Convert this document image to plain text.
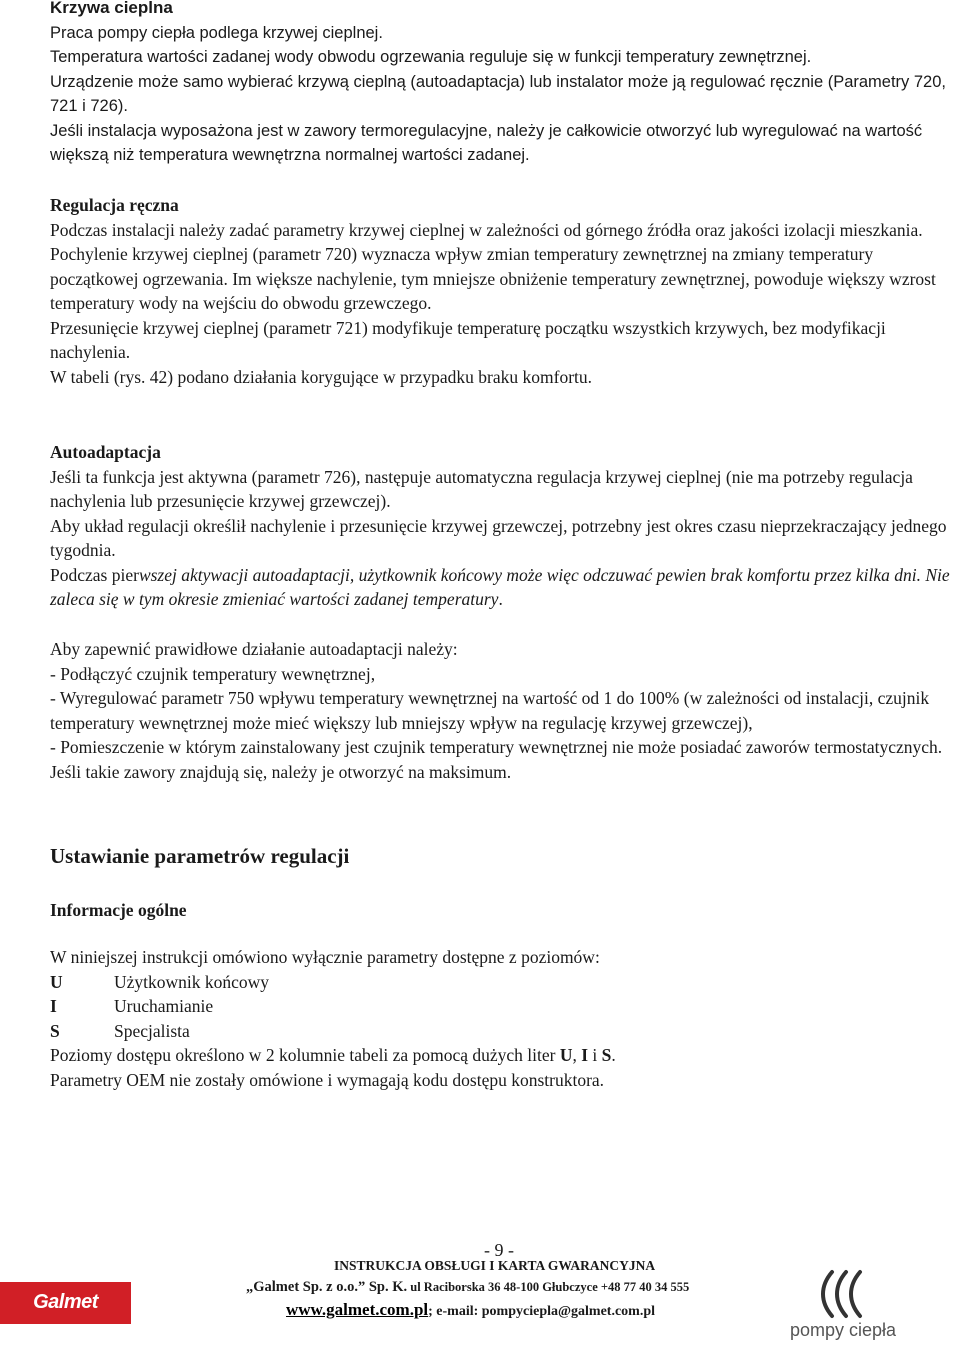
Krzywa cieplna

Praca pompy ciepła podlega krzywej cieplnej.

Temperatura wartości zadanej wody obwodu ogrzewania reguluje się w funkcji temperatury zewnętrznej.

Urządzenie może samo wybierać krzywą cieplną (autoadaptacja) lub instalator może ją regulować ręcznie (Parametry 720, 721 i 726).

Jeśli instalacja wyposażona jest w zawory termoregulacyjne, należy je całkowicie otworzyć lub wyregulować na wartość większą niż temperatura wewnętrzna normalnej wartości zadanej.

Regulacja ręczna

Podczas instalacji należy zadać parametry krzywej cieplnej w zależności od górnego źródła oraz jakości izolacji mieszkania.

Pochylenie krzywej cieplnej (parametr 720) wyznacza wpływ zmian temperatury zewnętrznej na zmiany temperatury początkowej ogrzewania. Im większe nachylenie, tym mniejsze obniżenie temperatury zewnętrznej, powoduje większy wzrost temperatury wody na wejściu do obwodu grzewczego.

Przesunięcie krzywej cieplnej (parametr 721) modyfikuje temperaturę początku wszystkich krzywych, bez modyfikacji nachylenia.

W tabeli (rys. 42) podano działania korygujące w przypadku braku komfortu.

Autoadaptacja

Jeśli ta funkcja jest aktywna (parametr 726), następuje automatyczna regulacja krzywej cieplnej (nie ma potrzeby regulacja nachylenia lub przesunięcie krzywej grzewczej).

Aby układ regulacji określił nachylenie i przesunięcie krzywej grzewczej, potrzebny jest okres czasu nieprzekraczający jednego tygodnia.

Podczas pierwszej aktywacji autoadaptacji, użytkownik końcowy może więc odczuwać pewien brak komfortu przez kilka dni. Nie zaleca się w tym okresie zmieniać wartości zadanej temperatury.

Aby zapewnić prawidłowe działanie autoadaptacji należy:

- Podłączyć czujnik temperatury wewnętrznej,

- Wyregulować parametr 750 wpływu temperatury wewnętrznej na wartość od 1 do 100% (w zależności od instalacji, czujnik temperatury wewnętrznej może mieć większy lub mniejszy wpływ na regulację krzywej grzewczej),

- Pomieszczenie w którym zainstalowany jest czujnik temperatury wewnętrznej nie może posiadać zaworów termostatycznych. Jeśli takie zawory znajdują się, należy je otworzyć na maksimum.

Ustawianie parametrów regulacji

Informacje ogólne

W niniejszej instrukcji omówiono wyłącznie parametry dostępne z poziomów:

U	Użytkownik końcowy
I	Uruchamianie
S	Specjalista

Poziomy dostępu określono w 2 kolumnie tabeli za pomocą dużych liter U, I i S.

Parametry OEM nie zostały omówione i wymagają kodu dostępu konstruktora.

- 9 -
INSTRUKCJA OBSŁUGI I KARTA GWARANCYJNA
„Galmet Sp. z o.o.” Sp. K. ul Raciborska 36 48-100 Głubczyce +48 77 40 34 555
www.galmet.com.pl; e-mail: pompyciepla@galmet.com.pl
Galmet
pompy ciepła
